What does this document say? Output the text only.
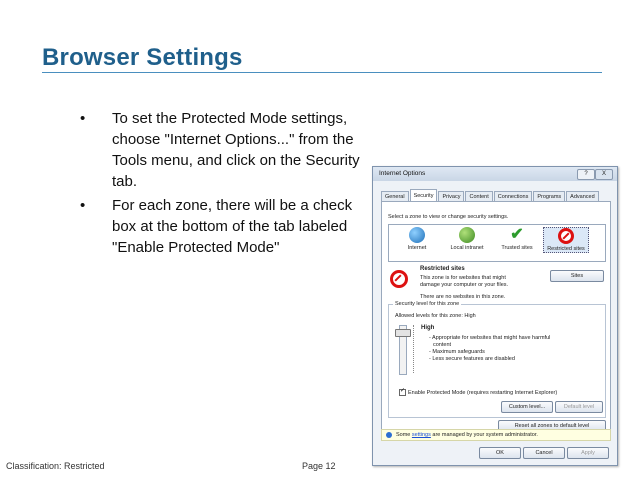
Browser Settings
• To set the Protected Mode settings, choose "Internet Options..." from the Tools menu, and click on the Security tab.
• For each zone, there will be a check box at the bottom of the tab labeled "Enable Protected Mode"
Internet Options	?	X
General	Security	Privacy	Content	Connections	Programs	Advanced
Select a zone to view or change security settings.
Internet	Local intranet
✔
Trusted sites	Restricted sites
Restricted sites
This zone is for websites that might
damage your computer or your files.
There are no websites in this zone.
Sites
Security level for this zone
Allowed levels for this zone: High
High
- Appropriate for websites that might have harmful
content
- Maximum safeguards
- Less secure features are disabled
✓Enable Protected Mode (requires restarting Internet Explorer)
Custom level...	Default level
Reset all zones to default level
Some settings are managed by your system administrator.
OK	Cancel	Apply
Classification: Restricted	Page 12
